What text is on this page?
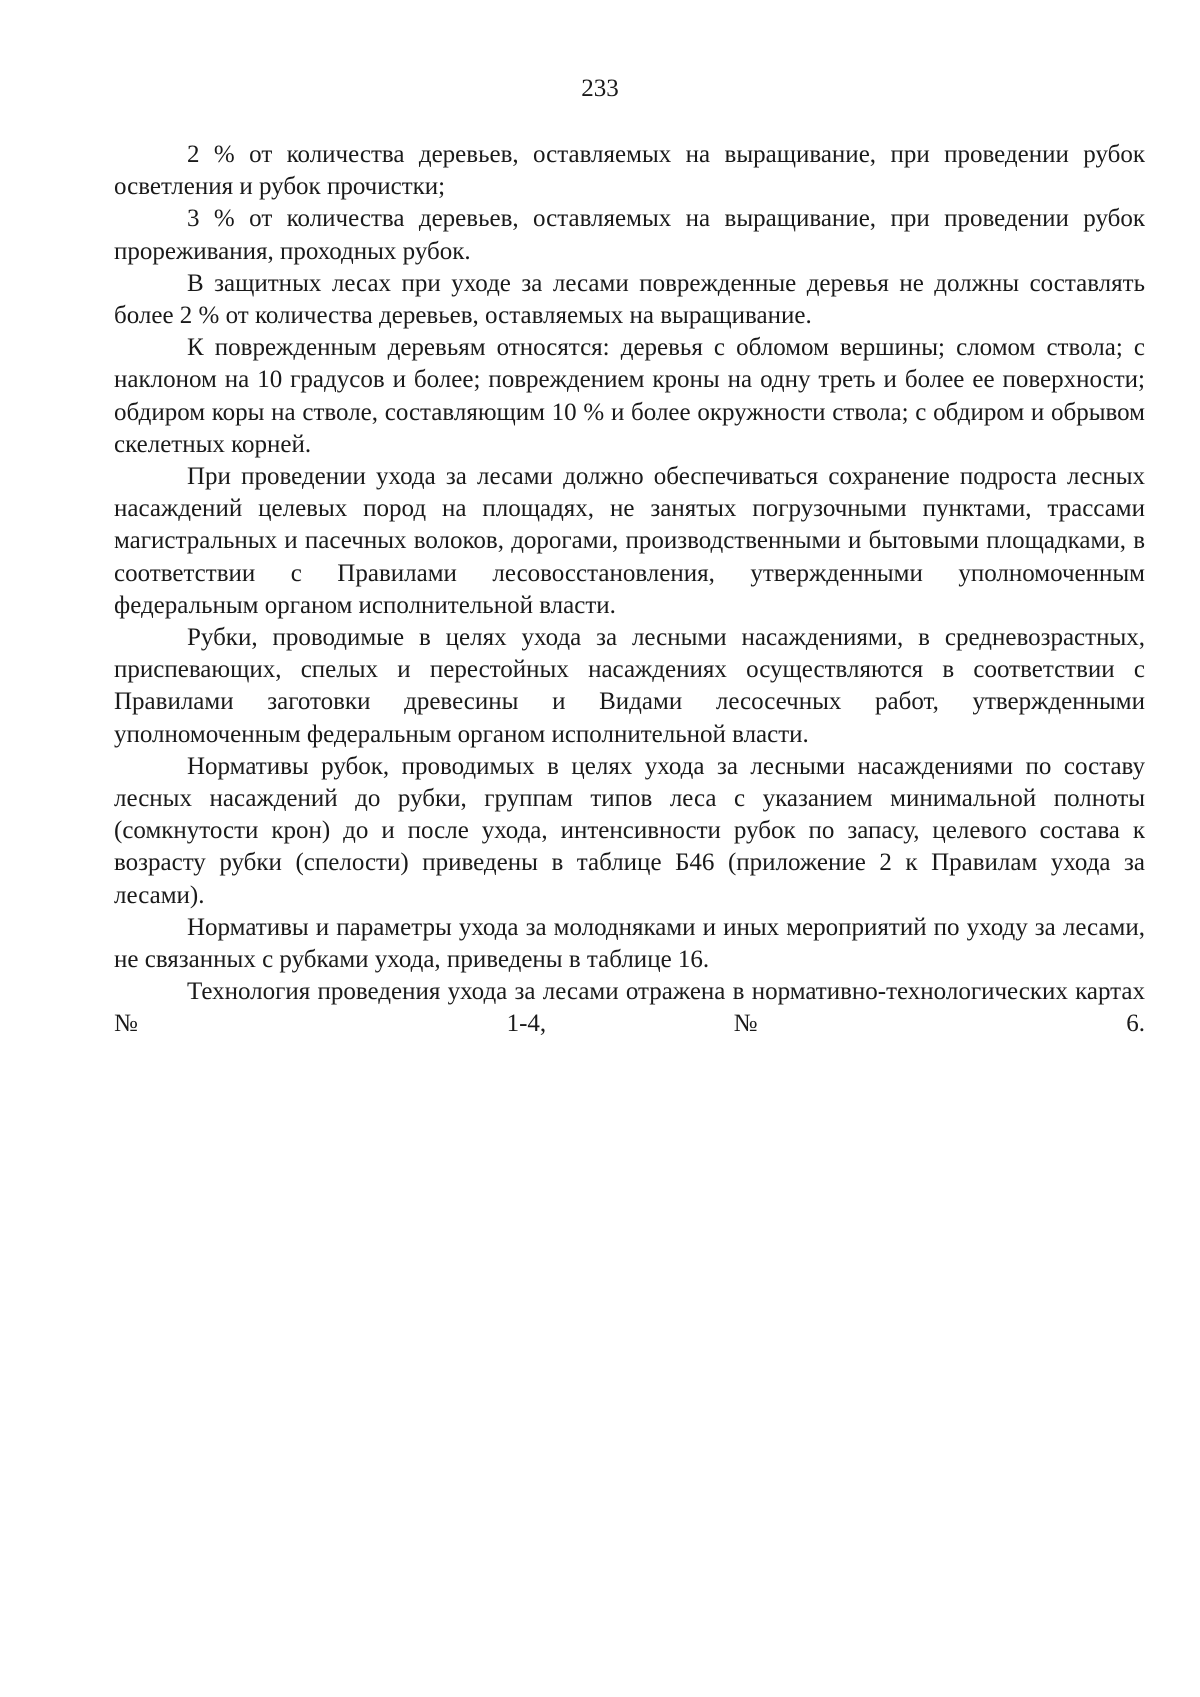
233

2 % от количества деревьев, оставляемых на выращивание, при проведении рубок осветления и рубок прочистки;

3 % от количества деревьев, оставляемых на выращивание, при проведении рубок прореживания, проходных рубок.

В защитных лесах при уходе за лесами поврежденные деревья не должны составлять более 2 % от количества деревьев, оставляемых на выращивание.

К поврежденным деревьям относятся: деревья с обломом вершины; сломом ствола; с наклоном на 10 градусов и более; повреждением кроны на одну треть и более ее поверхности; обдиром коры на стволе, составляющим 10 % и более окружности ствола; с обдиром и обрывом скелетных корней.

При проведении ухода за лесами должно обеспечиваться сохранение подроста лесных насаждений целевых пород на площадях, не занятых погрузочными пунктами, трассами магистральных и пасечных волоков, дорогами, производственными и бытовыми площадками, в соответствии с Правилами лесовосстановления, утвержденными уполномоченным федеральным органом исполнительной власти.

Рубки, проводимые в целях ухода за лесными насаждениями, в средневозрастных, приспевающих, спелых и перестойных насаждениях осуществляются в соответствии с Правилами заготовки древесины и Видами лесосечных работ, утвержденными уполномоченным федеральным органом исполнительной власти.

Нормативы рубок, проводимых в целях ухода за лесными насаждениями по составу лесных насаждений до рубки, группам типов леса с указанием минимальной полноты (сомкнутости крон) до и после ухода, интенсивности рубок по запасу, целевого состава к возрасту рубки (спелости) приведены в таблице Б46 (приложение 2 к Правилам ухода за лесами).

Нормативы и параметры ухода за молодняками и иных мероприятий по уходу за лесами, не связанных с рубками ухода, приведены в таблице 16.

Технология проведения ухода за лесами отражена в нормативно-технологических картах № 1-4, № 6.
